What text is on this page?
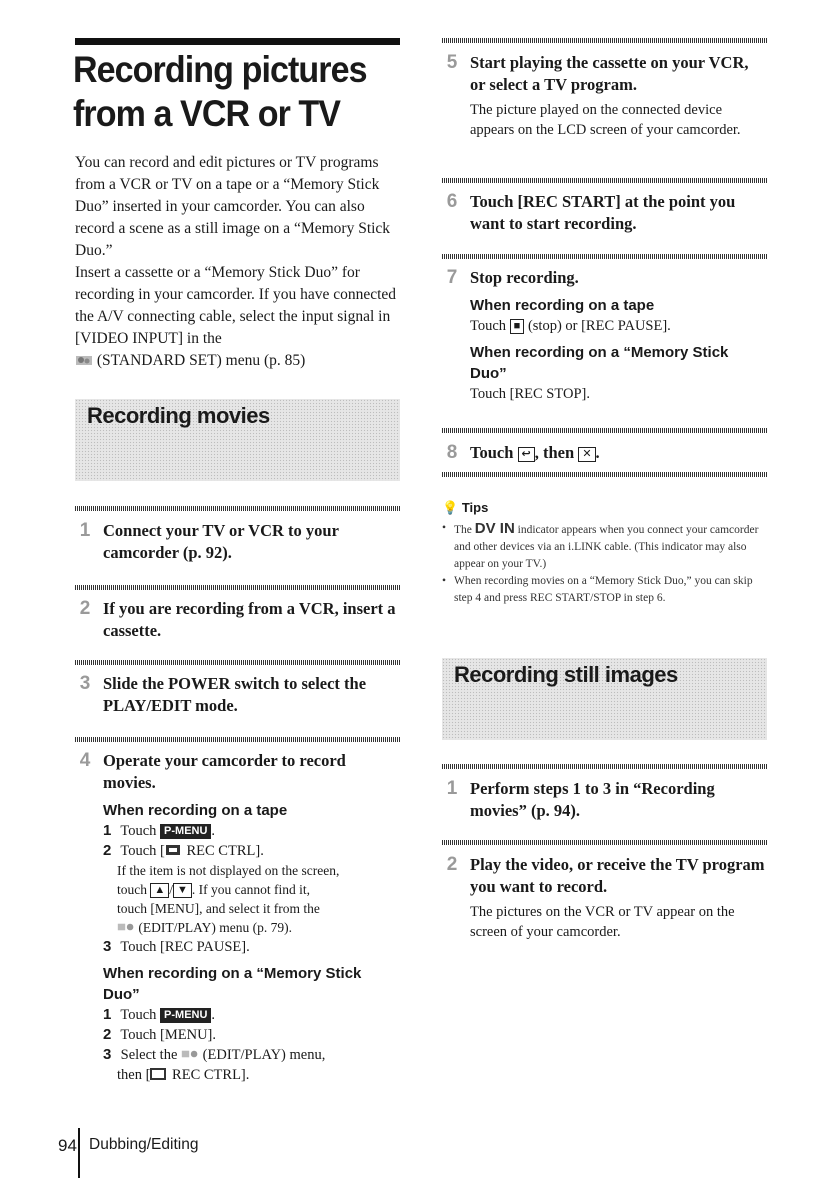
Recording pictures
from a VCR or TV

You can record and edit pictures or TV programs from a VCR or TV on a tape or a “Memory Stick Duo” inserted in your camcorder. You can also record a scene as a still image on a “Memory Stick Duo.”

Insert a cassette or a “Memory Stick Duo” for recording in your camcorder. If you have connected the A/V connecting cable, select the input signal in [VIDEO INPUT] in the
(STANDARD SET) menu (p. 85)

Recording movies
1 Connect your TV or VCR to your camcorder (p. 92).

2 If you are recording from a VCR, insert a cassette.

3 Slide the POWER switch to select the PLAY/EDIT mode.

4 Operate your camcorder to record movies.

When recording on a tape
1 Touch P-MENU .
2 Touch [ REC CTRL].
If the item is not displayed on the screen,
touch ▲ / ▼ . If you cannot find it,
touch [MENU], and select it from the
(EDIT/PLAY) menu (p. 79).
3 Touch [REC PAUSE].
When recording on a “Memory Stick Duo”
1 Touch P-MENU .
2 Touch [MENU].
3 Select the (EDIT/PLAY) menu,
then [ REC CTRL].
5 Start playing the cassette on your VCR, or select a TV program.

The picture played on the connected device appears on the LCD screen of your camcorder.

6 Touch [REC START] at the point you want to start recording.

7 Stop recording.

When recording on a tape
Touch ■ (stop) or [REC PAUSE].
When recording on a “Memory Stick Duo”
Touch [REC STOP].
8 Touch ↩ , then ✕ .

💡 Tips
• The DV IN indicator appears when you connect your camcorder and other devices via an i.LINK cable. (This indicator may also appear on your TV.)
• When recording movies on a “Memory Stick Duo,” you can skip step 4 and press REC START/STOP in step 6.
Recording still images
1 Perform steps 1 to 3 in “Recording movies” (p. 94).

2 Play the video, or receive the TV program you want to record.

The pictures on the VCR or TV appear on the screen of your camcorder.

94 Dubbing/Editing
